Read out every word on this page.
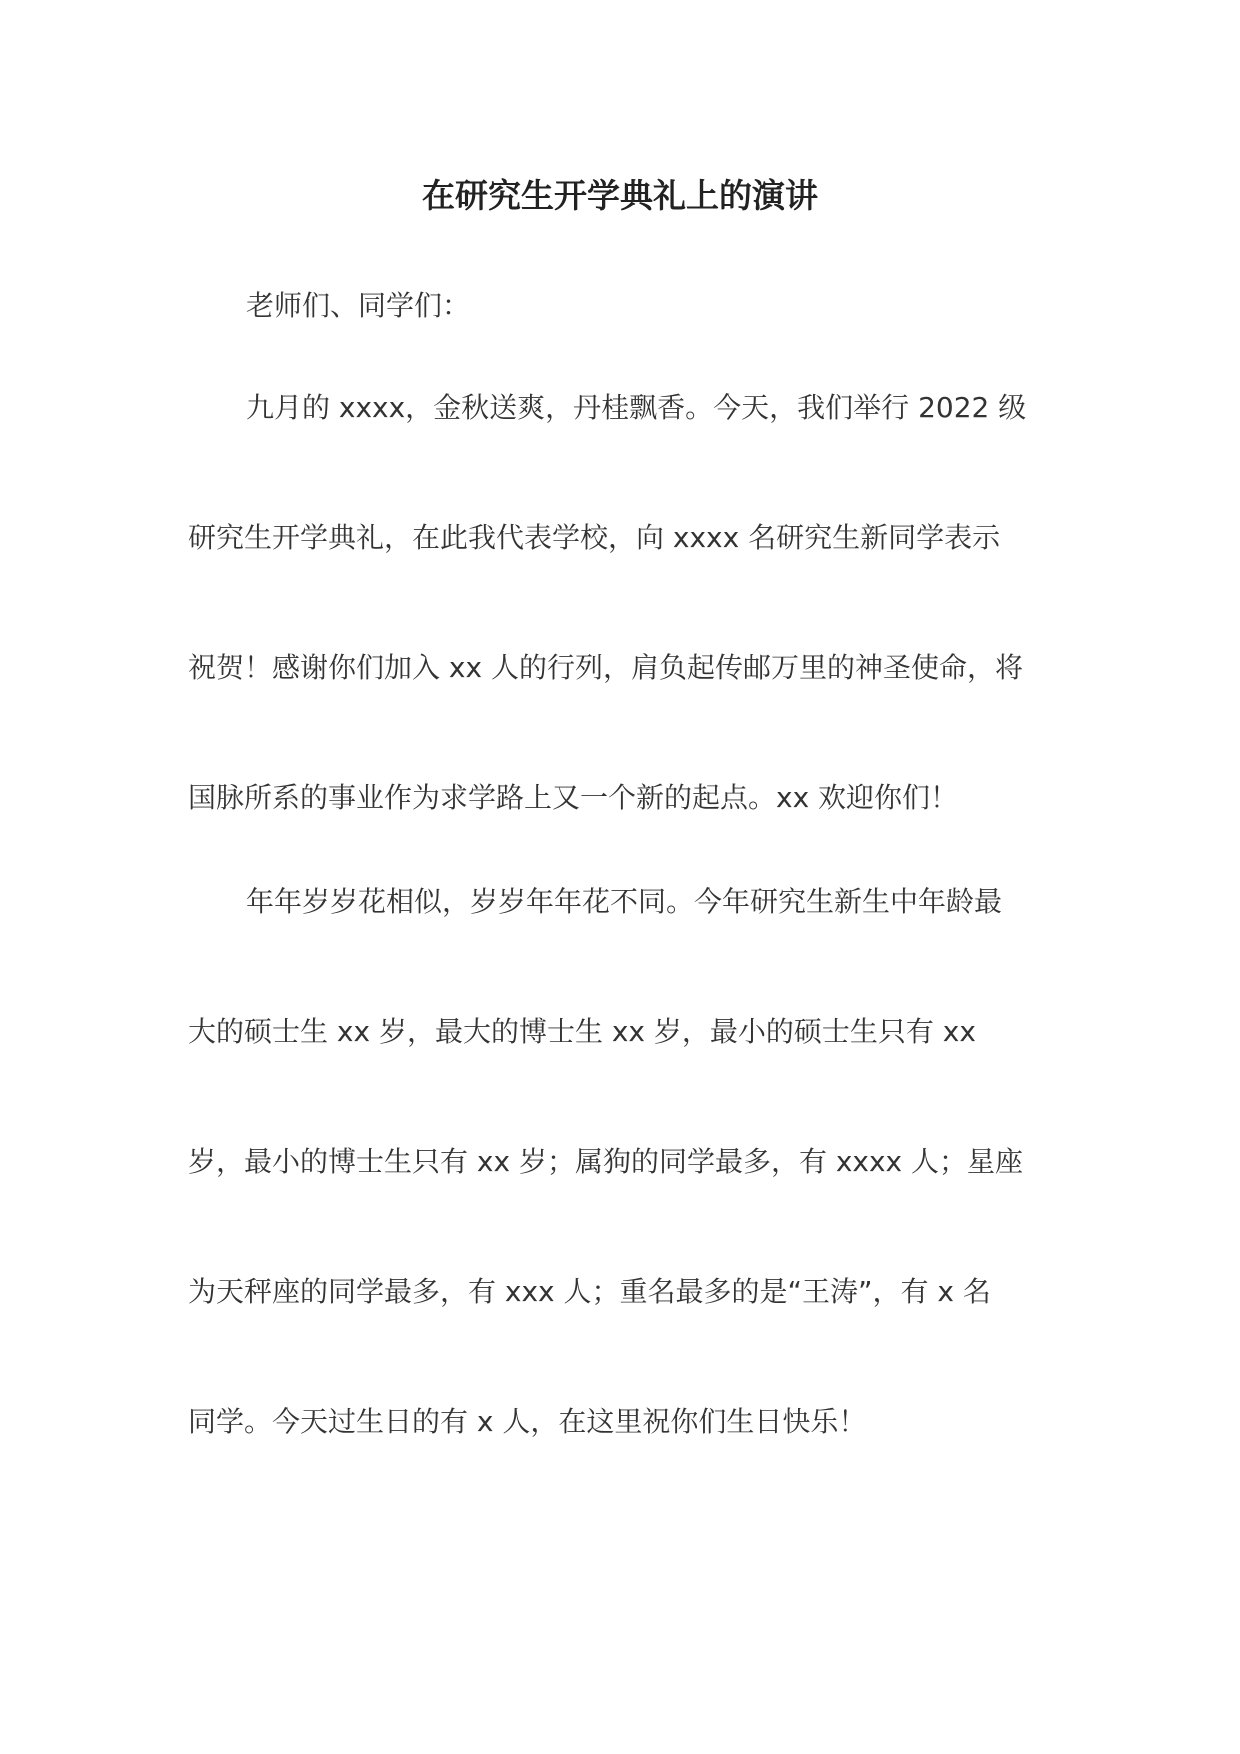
在研究生开学典礼上的演讲

老师们、同学们：

九月的 xxxx，金秋送爽，丹桂飘香。今天，我们举行 2022 级

研究生开学典礼，在此我代表学校，向 xxxx 名研究生新同学表示

祝贺！感谢你们加入 xx 人的行列，肩负起传邮万里的神圣使命，将

国脉所系的事业作为求学路上又一个新的起点。xx 欢迎你们！

年年岁岁花相似，岁岁年年花不同。今年研究生新生中年龄最

大的硕士生 xx 岁，最大的博士生 xx 岁，最小的硕士生只有 xx

岁，最小的博士生只有 xx 岁；属狗的同学最多，有 xxxx 人；星座

为天秤座的同学最多，有 xxx 人；重名最多的是“王涛”，有 x 名

同学。今天过生日的有 x 人，在这里祝你们生日快乐！
